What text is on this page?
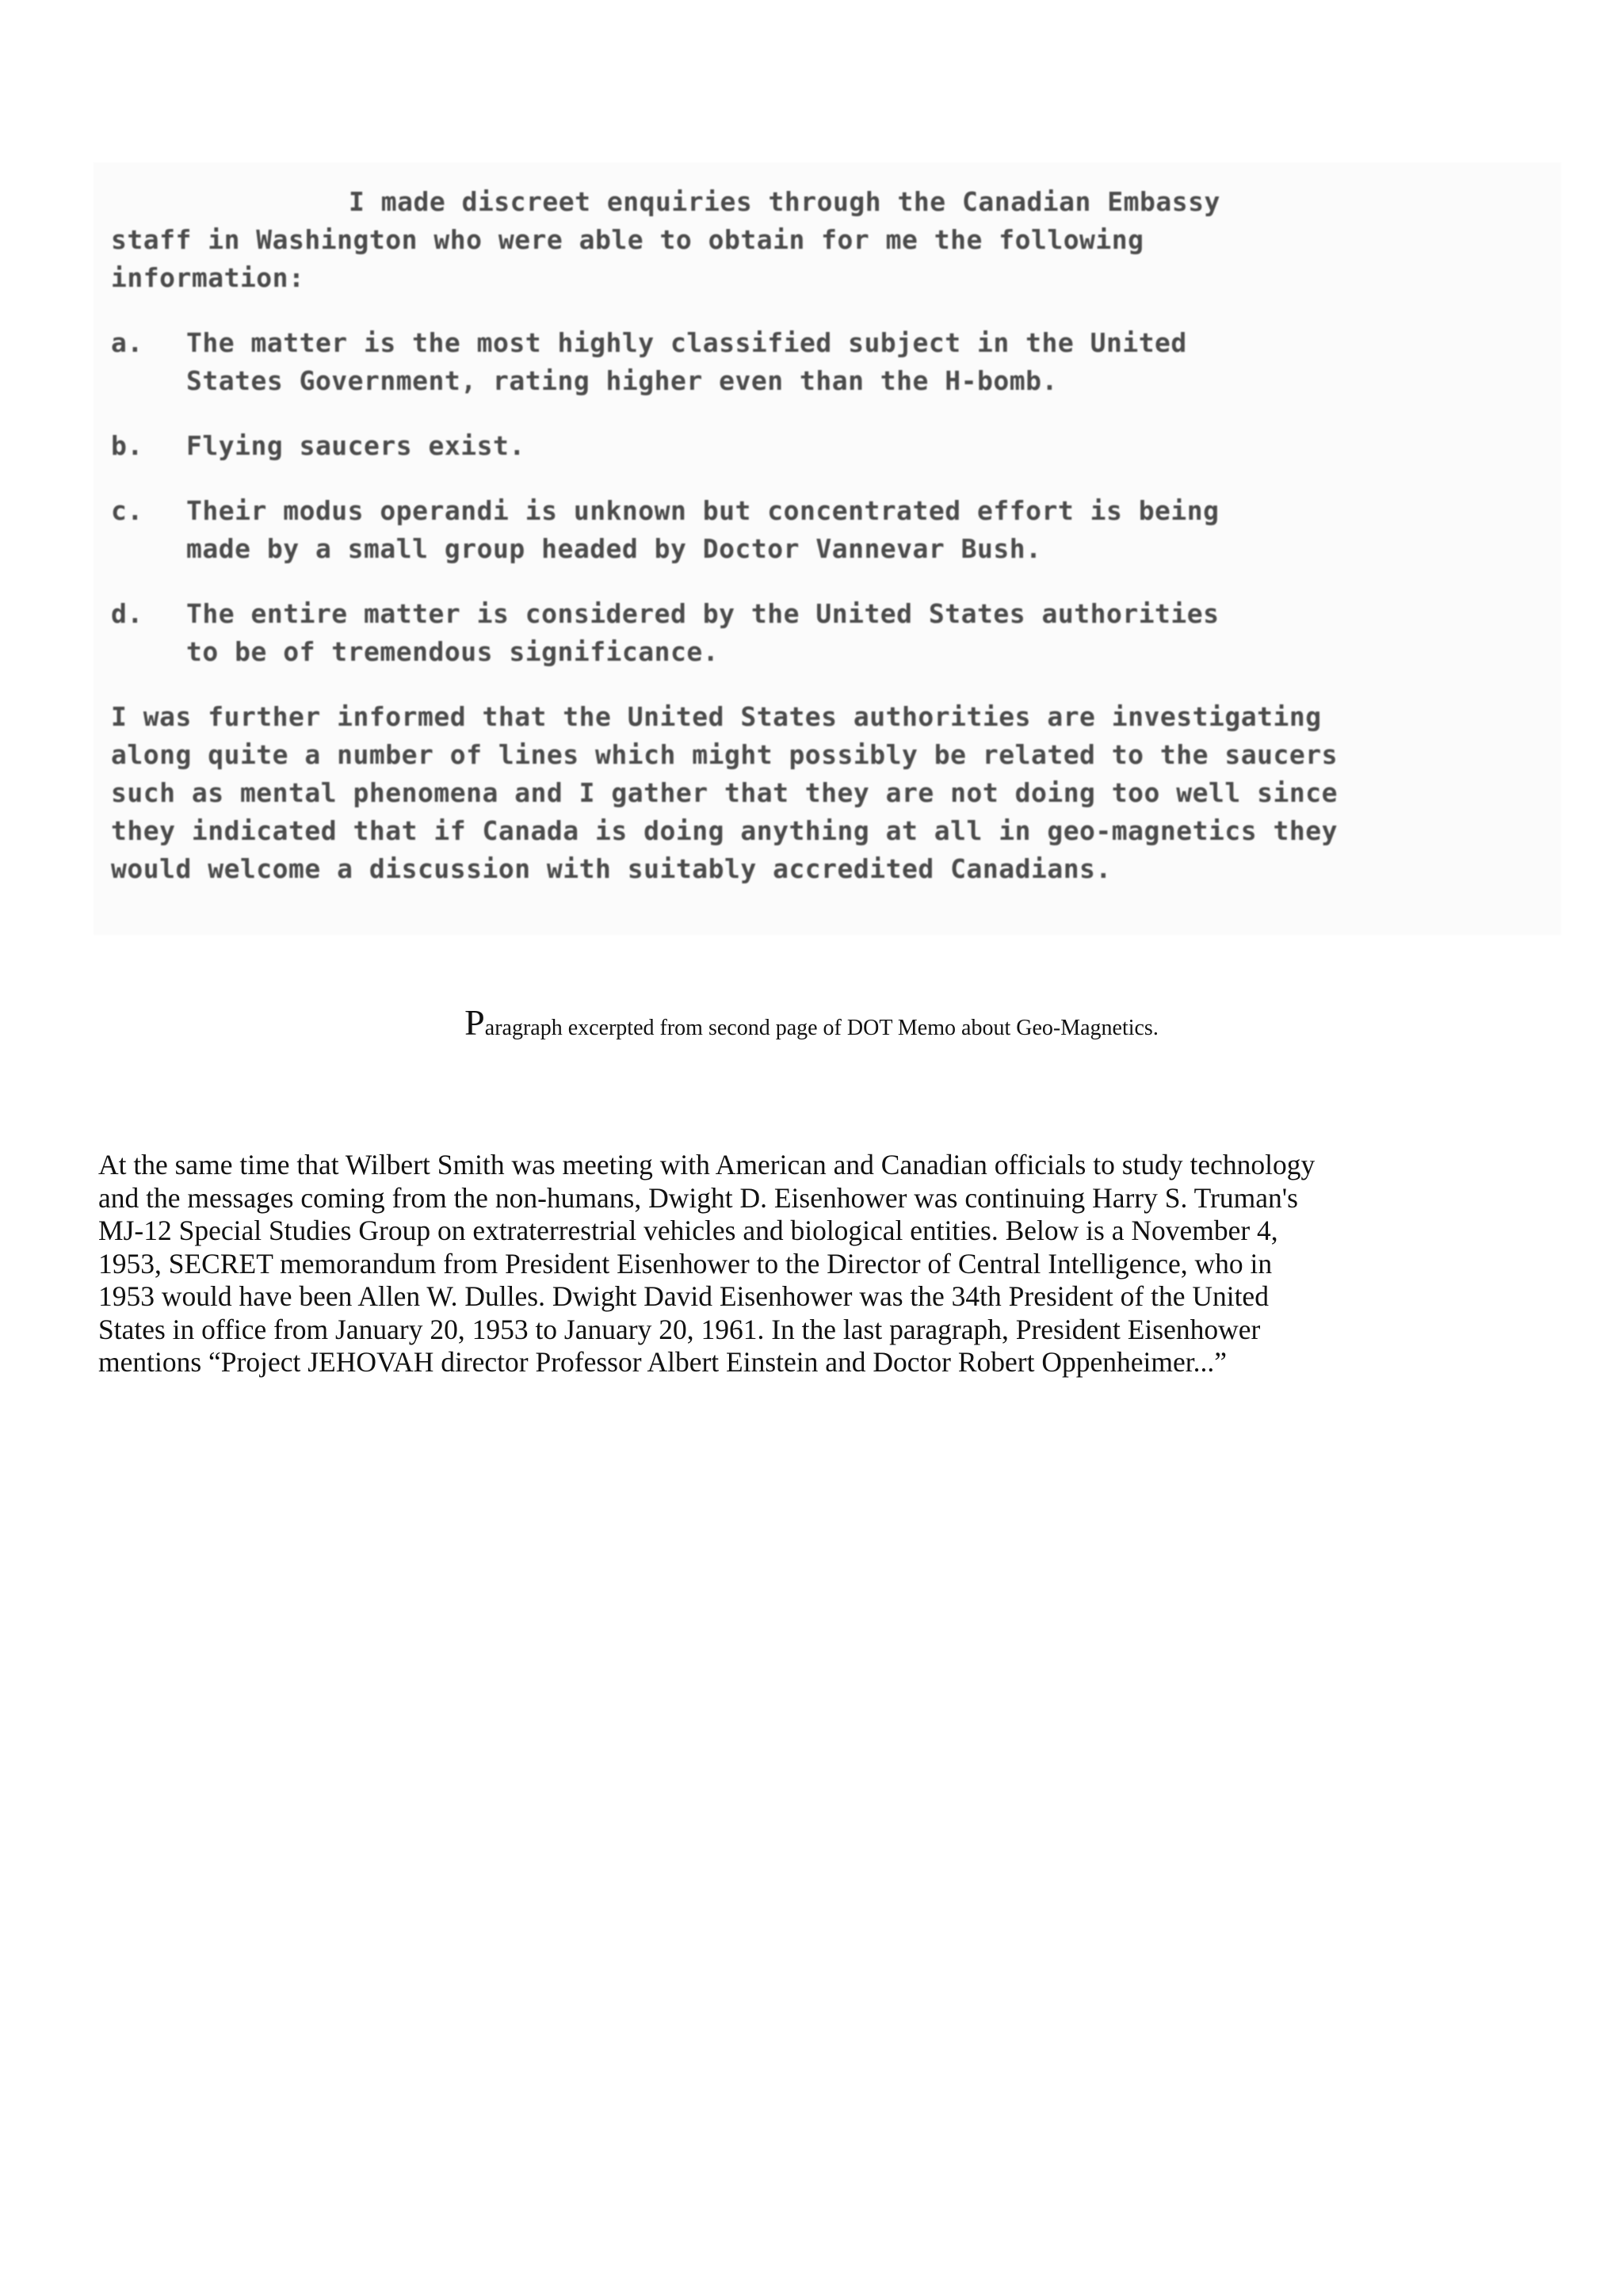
I made discreet enquiries through the Canadian Embassy
staff in Washington who were able to obtain for me the following
information:
a.	The matter is the most highly classified subject in the United
States Government, rating higher even than the H-bomb.
b.	Flying saucers exist.
c.	Their modus operandi is unknown but concentrated effort is being
made by a small group headed by Doctor Vannevar Bush.
d.	The entire matter is considered by the United States authorities
to be of tremendous significance.
I was further informed that the United States authorities are investigating
along quite a number of lines which might possibly be related to the saucers
such as mental phenomena and I gather that they are not doing too well since
they indicated that if Canada is doing anything at all in geo-magnetics they
would welcome a discussion with suitably accredited Canadians.
Paragraph excerpted from second page of DOT Memo about Geo-Magnetics.
At the same time that Wilbert Smith was meeting with American and Canadian officials to study technology
and the messages coming from the non-humans, Dwight D. Eisenhower was continuing Harry S. Truman's
MJ-12 Special Studies Group on extraterrestrial vehicles and biological entities. Below is a November 4,
1953, SECRET memorandum from President Eisenhower to the Director of Central Intelligence, who in
1953 would have been Allen W. Dulles. Dwight David Eisenhower was the 34th President of the United
States in office from January 20, 1953 to January 20, 1961. In the last paragraph, President Eisenhower
mentions “Project JEHOVAH director Professor Albert Einstein and Doctor Robert Oppenheimer...”
